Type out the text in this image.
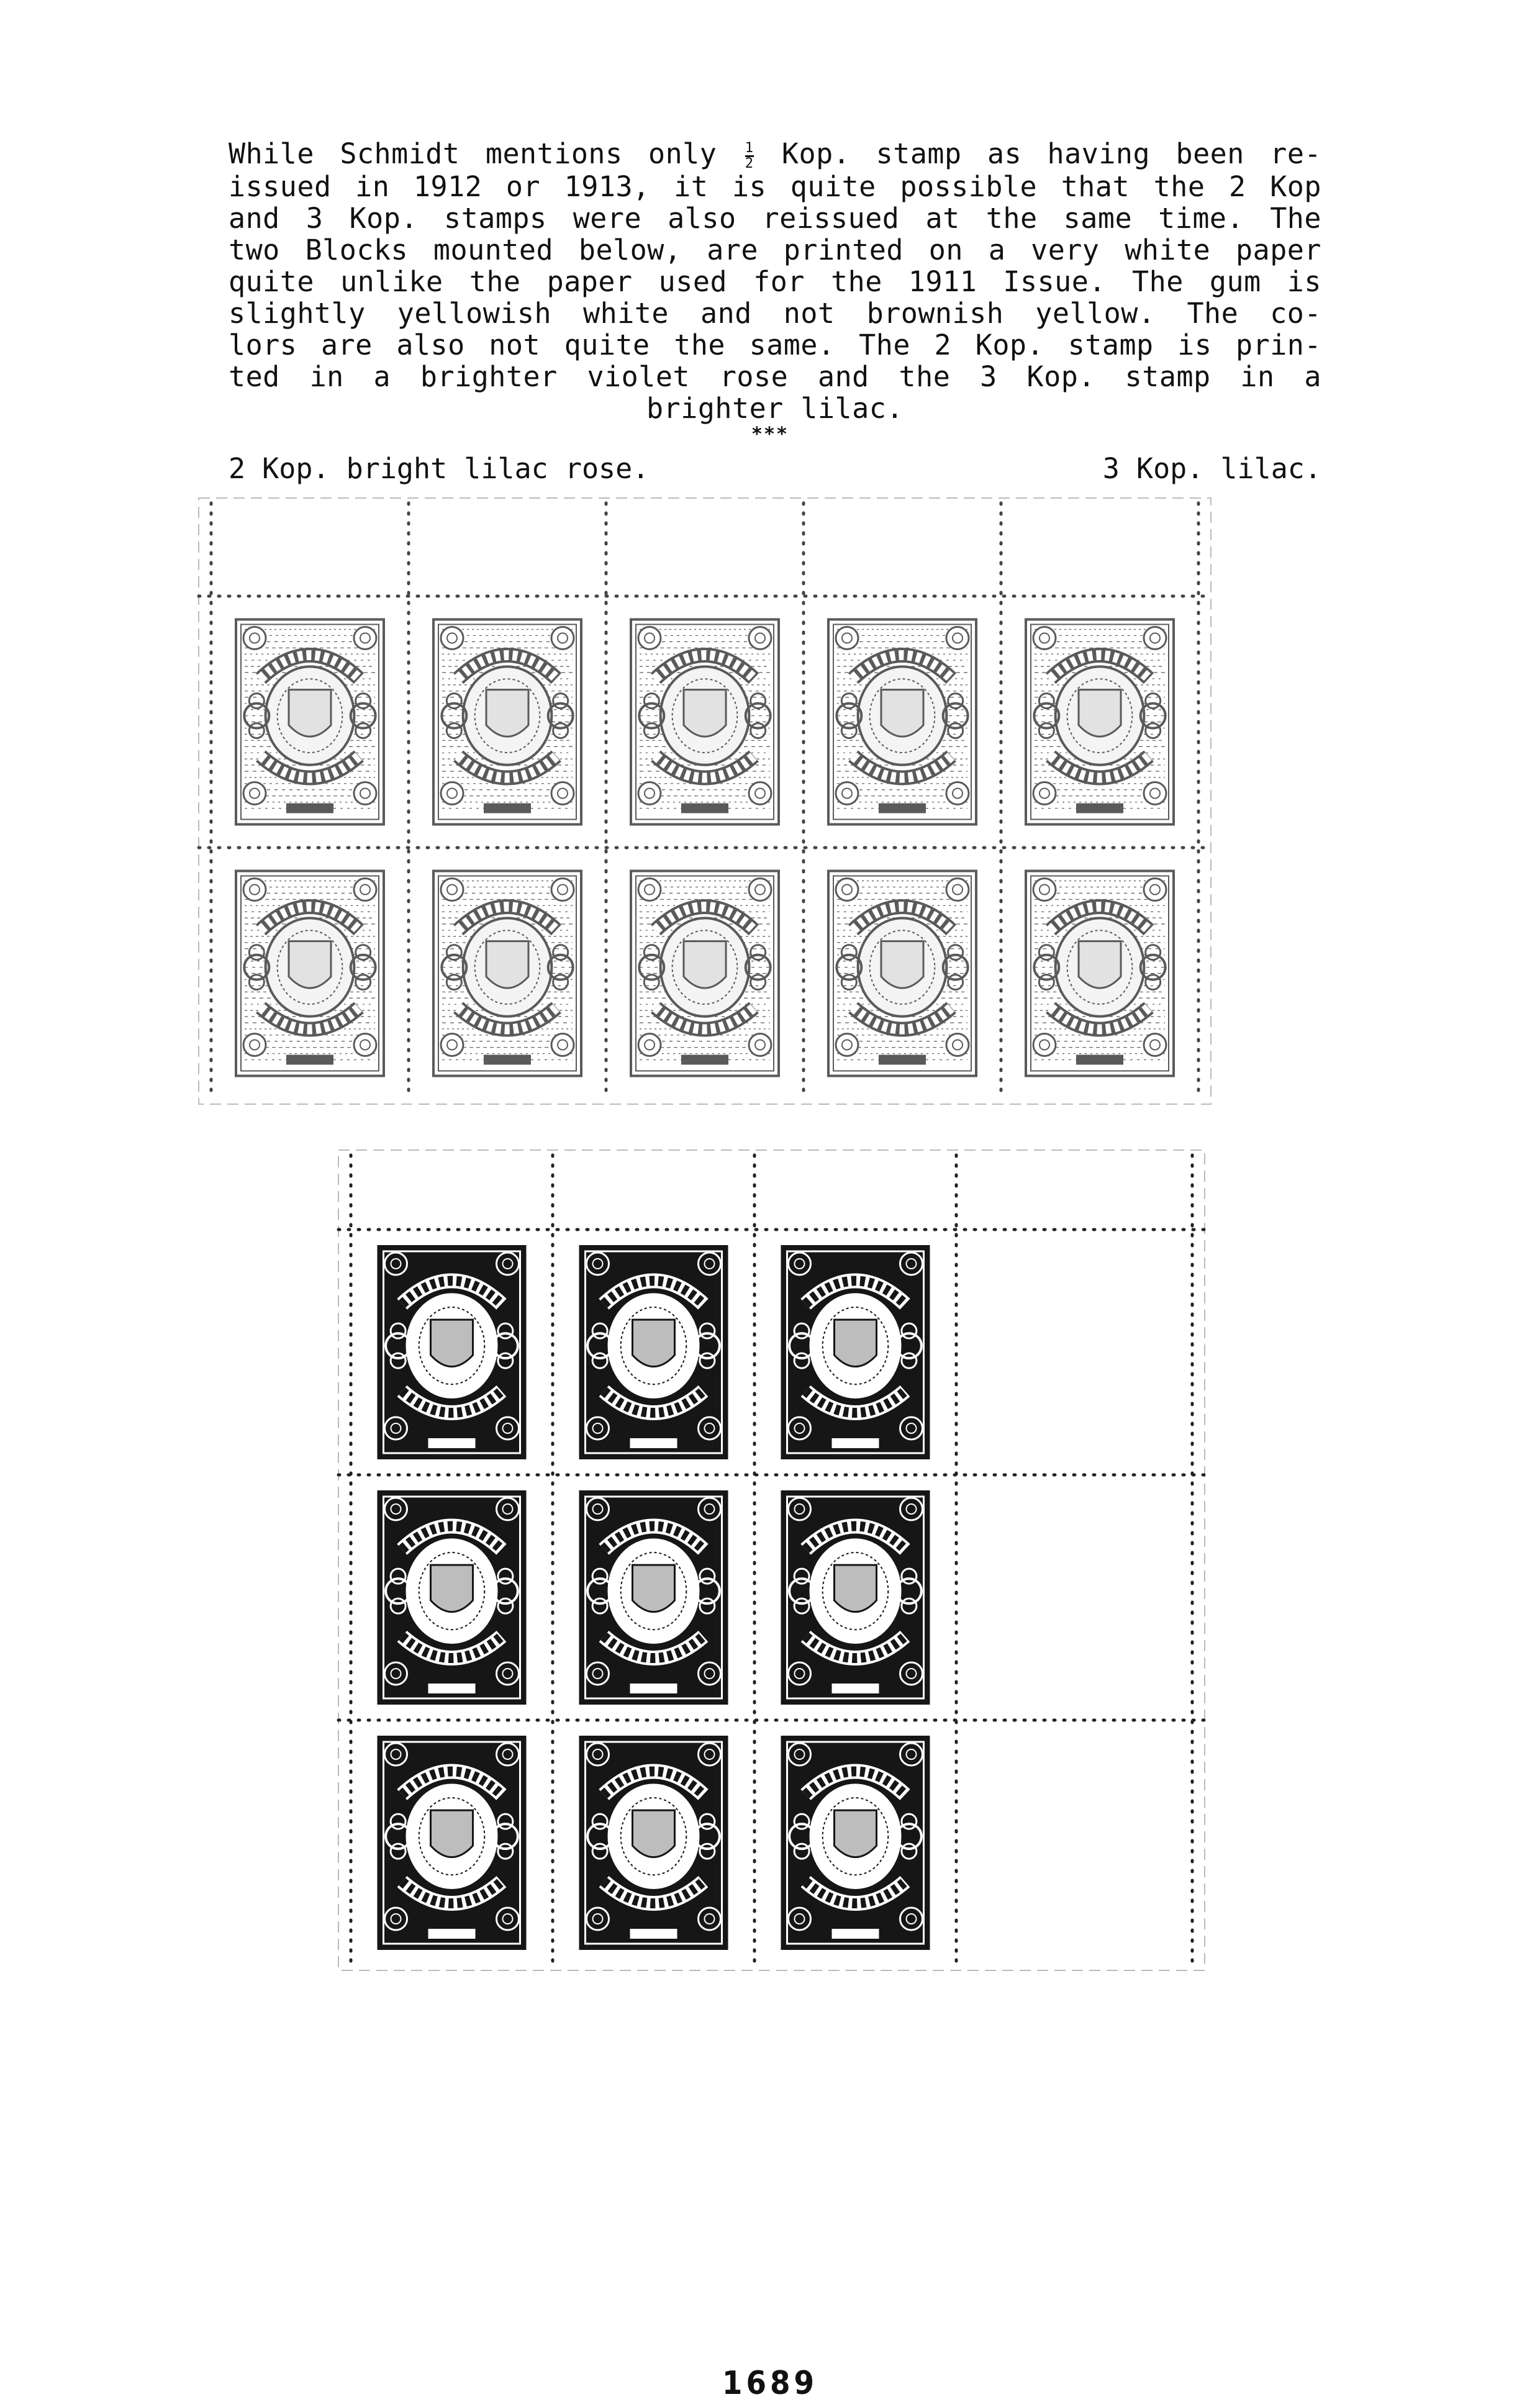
While Schmidt mentions only $\frac{1}{2}$ Kop. stamp as having been re-
issued in 1912 or 1913, it is quite possible that the 2 Kop
and 3 Kop. stamps were also reissued at the same time. The
two Blocks mounted below, are printed on a very white paper
quite unlike the paper used for the 1911 Issue. The gum is
slightly yellowish white and not brownish yellow. The co-
lors are also not quite the same. The 2 Kop. stamp is prin-
ted in a brighter violet rose and the 3 Kop. stamp in a
brighter lilac.
***
2 Kop. bright lilac rose.	3 Kop. lilac.
1689
